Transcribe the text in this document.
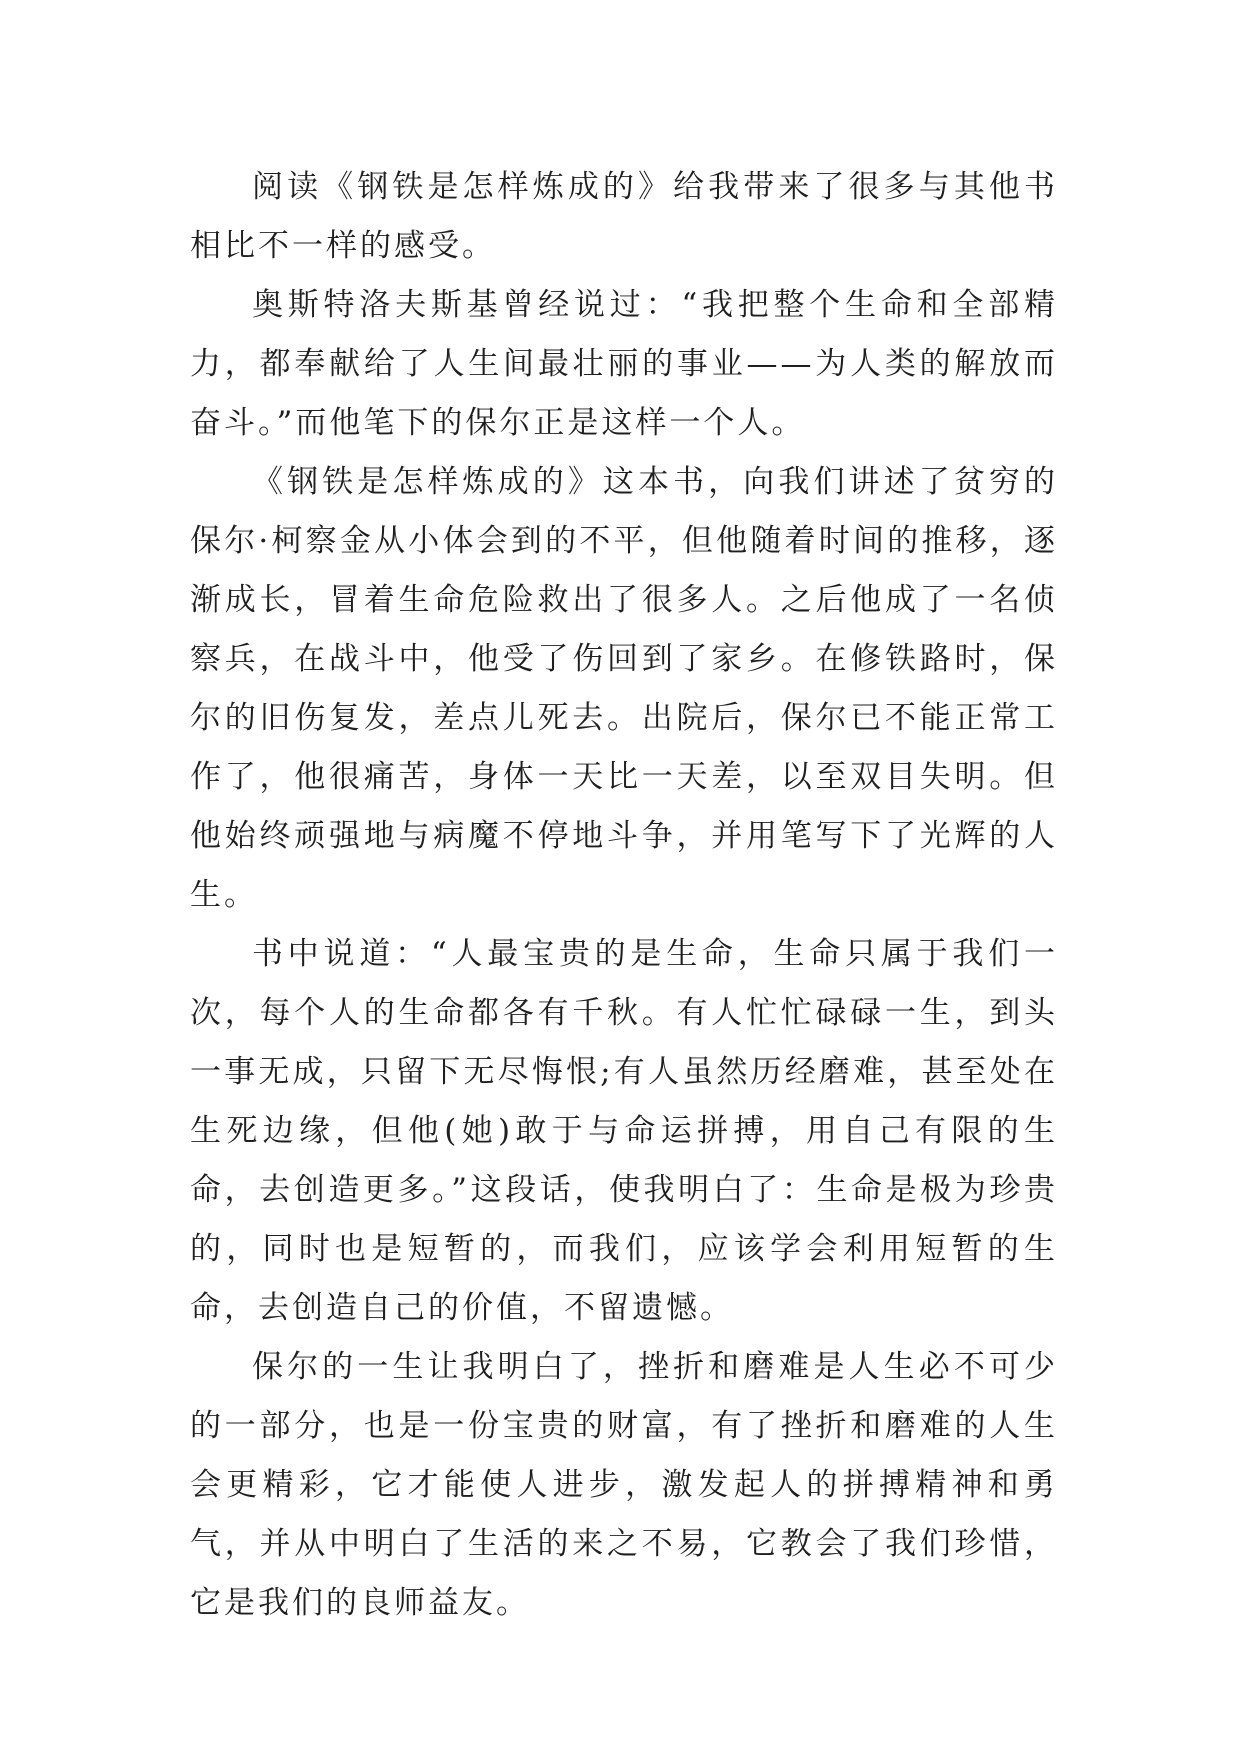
阅读《钢铁是怎样炼成的》给我带来了很多与其他书相比不一样的感受。

奥斯特洛夫斯基曾经说过：“我把整个生命和全部精力，都奉献给了人生间最壮丽的事业——为人类的解放而奋斗。”而他笔下的保尔正是这样一个人。

《钢铁是怎样炼成的》这本书，向我们讲述了贫穷的保尔·柯察金从小体会到的不平，但他随着时间的推移，逐渐成长，冒着生命危险救出了很多人。之后他成了一名侦察兵，在战斗中，他受了伤回到了家乡。在修铁路时，保尔的旧伤复发，差点儿死去。出院后，保尔已不能正常工作了，他很痛苦，身体一天比一天差，以至双目失明。但他始终顽强地与病魔不停地斗争，并用笔写下了光辉的人生。

书中说道：“人最宝贵的是生命，生命只属于我们一次，每个人的生命都各有千秋。有人忙忙碌碌一生，到头一事无成，只留下无尽悔恨;有人虽然历经磨难，甚至处在生死边缘，但他(她)敢于与命运拼搏，用自己有限的生命，去创造更多。”这段话，使我明白了：生命是极为珍贵的，同时也是短暂的，而我们，应该学会利用短暂的生命，去创造自己的价值，不留遗憾。

保尔的一生让我明白了，挫折和磨难是人生必不可少的一部分，也是一份宝贵的财富，有了挫折和磨难的人生会更精彩，它才能使人进步，激发起人的拼搏精神和勇气，并从中明白了生活的来之不易，它教会了我们珍惜，它是我们的良师益友。
